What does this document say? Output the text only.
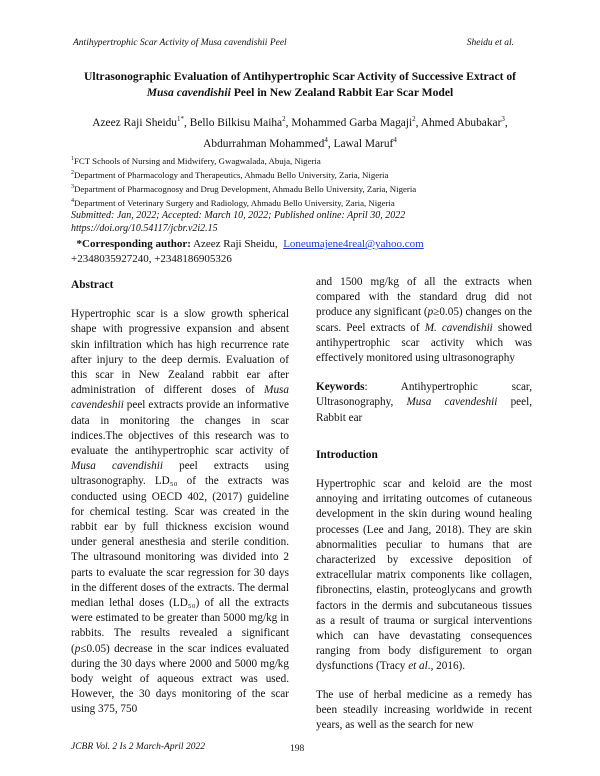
Antihypertrophic Scar Activity of Musa cavendishii Peel	Sheidu et al.
Ultrasonographic Evaluation of Antihypertrophic Scar Activity of Successive Extract of
Musa cavendishii Peel in New Zealand Rabbit Ear Scar Model
Azeez Raji Sheidu$^{1*}$, Bello Bilkisu Maiha$^2$, Mohammed Garba Magaji$^2$, Ahmed Abubakar$^3$,
Abdurrahman Mohammed$^4$, Lawal Maruf$^4$
$^1$FCT Schools of Nursing and Midwifery, Gwagwalada, Abuja, Nigeria
$^2$Department of Pharmacology and Therapeutics, Ahmadu Bello University, Zaria, Nigeria
$^3$Department of Pharmacognosy and Drug Development, Ahmadu Bello University, Zaria, Nigeria
$^4$Department of Veterinary Surgery and Radiology, Ahmadu Bello University, Zaria, Nigeria
Submitted: Jan, 2022; Accepted: March 10, 2022; Published online: April 30, 2022
https://doi.org/10.54117/jcbr.v2i2.15
*Corresponding author: Azeez Raji Sheidu, Loneumajene4real@yahoo.com
+2348035927240, +2348186905326
Abstract

Hypertrophic scar is a slow growth spherical shape with progressive expansion and absent skin infiltration which has high recurrence rate after injury to the deep dermis. Evaluation of this scar in New Zealand rabbit ear after administration of different doses of Musa cavendeshii peel extracts provide an informative data in monitoring the changes in scar indices.The objectives of this research was to evaluate the antihypertrophic scar activity of Musa cavendishii peel extracts using ultrasonography. LD₅₀ of the extracts was conducted using OECD 402, (2017) guideline for chemical testing. Scar was created in the rabbit ear by full thickness excision wound under general anesthesia and sterile condition. The ultrasound monitoring was divided into 2 parts to evaluate the scar regression for 30 days in the different doses of the extracts. The dermal median lethal doses (LD₅₀) of all the extracts were estimated to be greater than 5000 mg/kg in rabbits. The results revealed a significant (p≤0.05) decrease in the scar indices evaluated during the 30 days where 2000 and 5000 mg/kg body weight of aqueous extract was used. However, the 30 days monitoring of the scar using 375, 750

and 1500 mg/kg of all the extracts when compared with the standard drug did not produce any significant (p≥0.05) changes on the scars. Peel extracts of M. cavendishii showed antihypertrophic scar activity which was effectively monitored using ultrasonography

Keywords: Antihypertrophic scar, Ultrasonography, Musa cavendeshii peel, Rabbit ear

Introduction

Hypertrophic scar and keloid are the most annoying and irritating outcomes of cutaneous development in the skin during wound healing processes (Lee and Jang, 2018). They are skin abnormalities peculiar to humans that are characterized by excessive deposition of extracellular matrix components like collagen, fibronectins, elastin, proteoglycans and growth factors in the dermis and subcutaneous tissues as a result of trauma or surgical interventions which can have devastating consequences ranging from body disfigurement to organ dysfunctions (Tracy et al., 2016).

The use of herbal medicine as a remedy has been steadily increasing worldwide in recent years, as well as the search for new

JCBR Vol. 2 Is 2 March-April 2022	198
